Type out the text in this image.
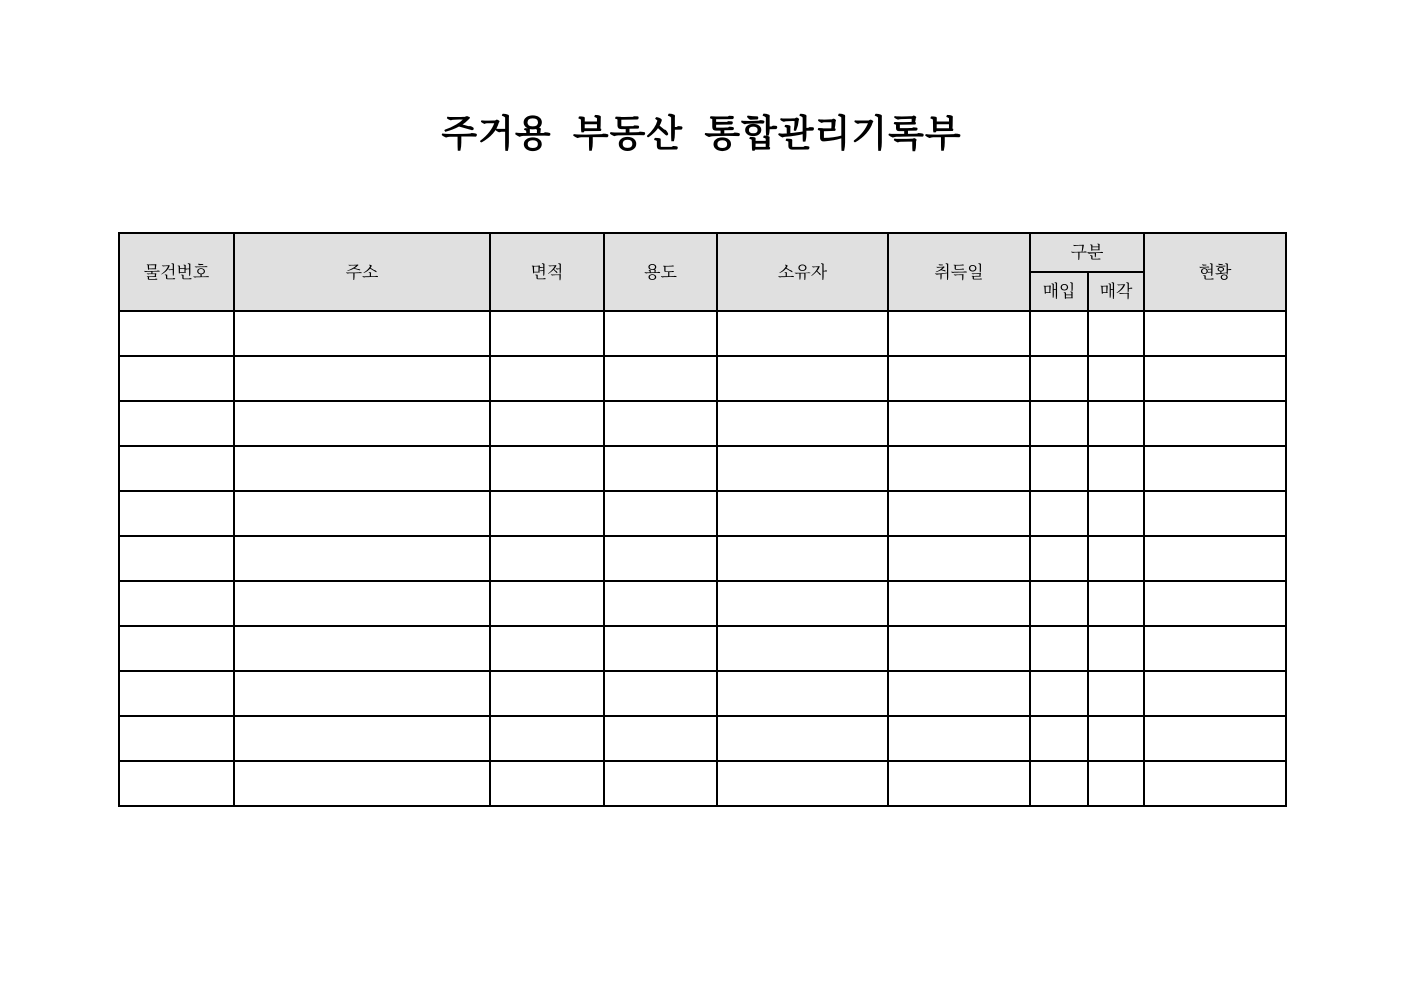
주거용 부동산 통합관리기록부
물건번호	주소	면적	용도	소유자	취득일	구분		현황
						매입	매각	
